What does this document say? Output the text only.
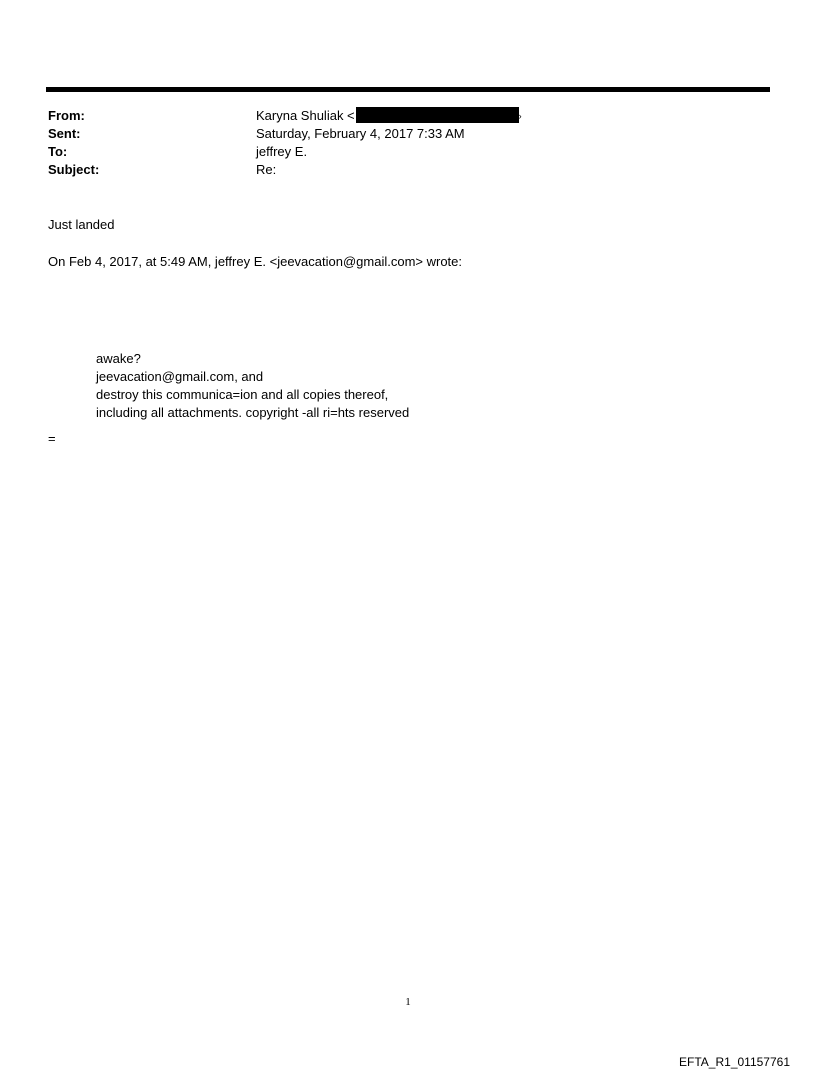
From:	Karyna Shuliak <	›
Sent:	Saturday, February 4, 2017 7:33 AM
To:	jeffrey E.
Subject:	Re:
Just landed
On Feb 4, 2017, at 5:49 AM, jeffrey E. <jeevacation@gmail.com> wrote:
awake?
jeevacation@gmail.com, and
destroy this communica=ion and all copies thereof,
including all attachments. copyright -all ri=hts reserved
=
1
EFTA_R1_01157761
